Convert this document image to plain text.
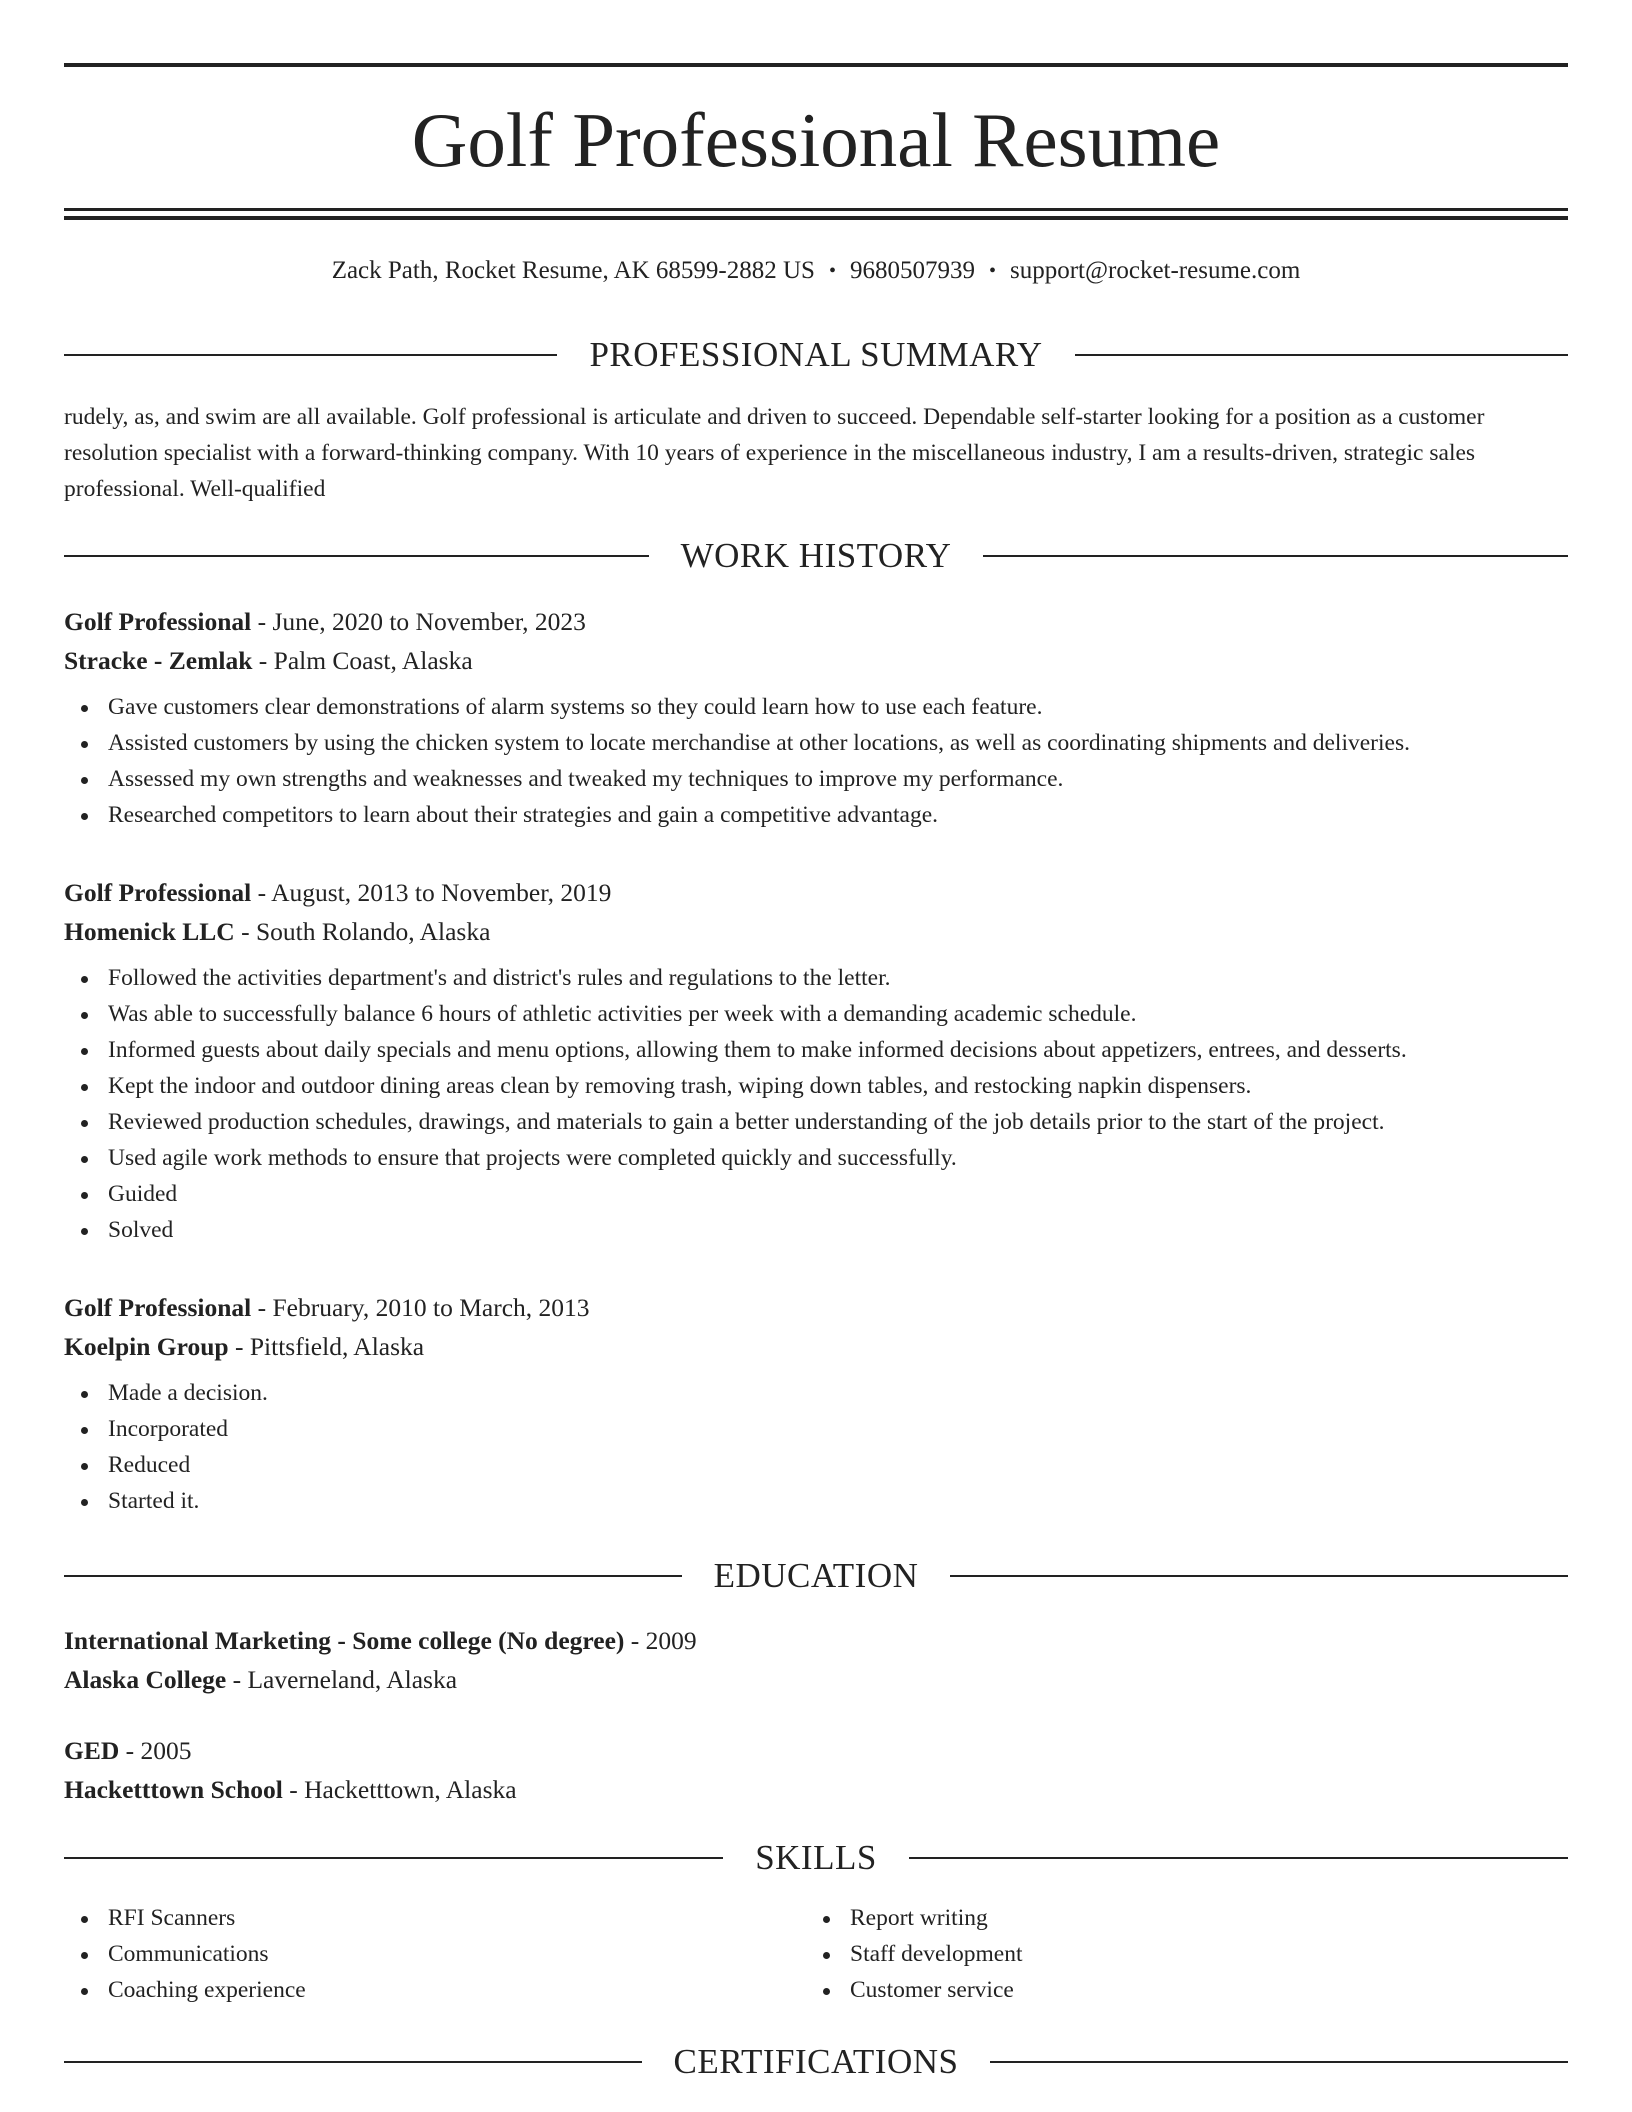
Golf Professional Resume
Zack Path, Rocket Resume, AK 68599-2882 US • 9680507939 • support@rocket-resume.com
PROFESSIONAL SUMMARY

rudely, as, and swim are all available. Golf professional is articulate and driven to succeed. Dependable self-starter looking for a position as a customer resolution specialist with a forward-thinking company. With 10 years of experience in the miscellaneous industry, I am a results-driven, strategic sales professional. Well-qualified

WORK HISTORY
Golf Professional - June, 2020 to November, 2023
Stracke - Zemlak - Palm Coast, Alaska
Gave customers clear demonstrations of alarm systems so they could learn how to use each feature.
Assisted customers by using the chicken system to locate merchandise at other locations, as well as coordinating shipments and deliveries.
Assessed my own strengths and weaknesses and tweaked my techniques to improve my performance.
Researched competitors to learn about their strategies and gain a competitive advantage.
Golf Professional - August, 2013 to November, 2019
Homenick LLC - South Rolando, Alaska
Followed the activities department's and district's rules and regulations to the letter.
Was able to successfully balance 6 hours of athletic activities per week with a demanding academic schedule.
Informed guests about daily specials and menu options, allowing them to make informed decisions about appetizers, entrees, and desserts.
Kept the indoor and outdoor dining areas clean by removing trash, wiping down tables, and restocking napkin dispensers.
Reviewed production schedules, drawings, and materials to gain a better understanding of the job details prior to the start of the project.
Used agile work methods to ensure that projects were completed quickly and successfully.
Guided
Solved
Golf Professional - February, 2010 to March, 2013
Koelpin Group - Pittsfield, Alaska
Made a decision.
Incorporated
Reduced
Started it.
EDUCATION
International Marketing - Some college (No degree) - 2009
Alaska College - Laverneland, Alaska
GED - 2005
Hacketttown School - Hacketttown, Alaska
SKILLS
RFI Scanners
Communications
Coaching experience
Report writing
Staff development
Customer service
CERTIFICATIONS
